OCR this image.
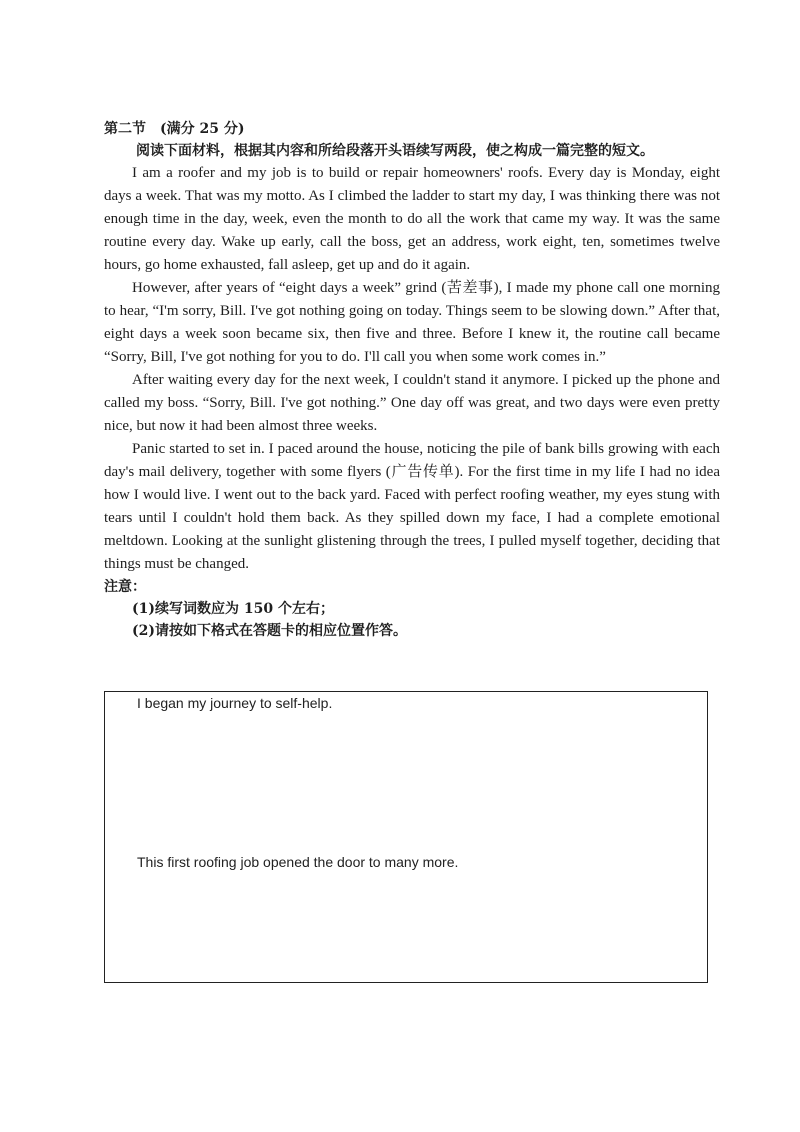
第二节　(满分 25 分)

阅读下面材料，根据其内容和所给段落开头语续写两段，使之构成一篇完整的短文。

I am a roofer and my job is to build or repair homeowners' roofs. Every day is Monday, eight days a week. That was my motto. As I climbed the ladder to start my day, I was thinking there was not enough time in the day, week, even the month to do all the work that came my way. It was the same routine every day. Wake up early, call the boss, get an address, work eight, ten, sometimes twelve hours, go home exhausted, fall asleep, get up and do it again.

However, after years of “eight days a week” grind (苦差事), I made my phone call one morning to hear, “I'm sorry, Bill. I've got nothing going on today. Things seem to be slowing down.” After that, eight days a week soon became six, then five and three. Before I knew it, the routine call became “Sorry, Bill, I've got nothing for you to do. I'll call you when some work comes in.”

After waiting every day for the next week, I couldn't stand it anymore. I picked up the phone and called my boss. “Sorry, Bill. I've got nothing.” One day off was great, and two days were even pretty nice, but now it had been almost three weeks.

Panic started to set in. I paced around the house, noticing the pile of bank bills growing with each day's mail delivery, together with some flyers (广告传单). For the first time in my life I had no idea how I would live. I went out to the back yard. Faced with perfect roofing weather, my eyes stung with tears until I couldn't hold them back. As they spilled down my face, I had a complete emotional meltdown. Looking at the sunlight glistening through the trees, I pulled myself together, deciding that things must be changed.

注意：

(1)续写词数应为 150 个左右；

(2)请按如下格式在答题卡的相应位置作答。

I began my journey to self-help.
This first roofing job opened the door to many more.
